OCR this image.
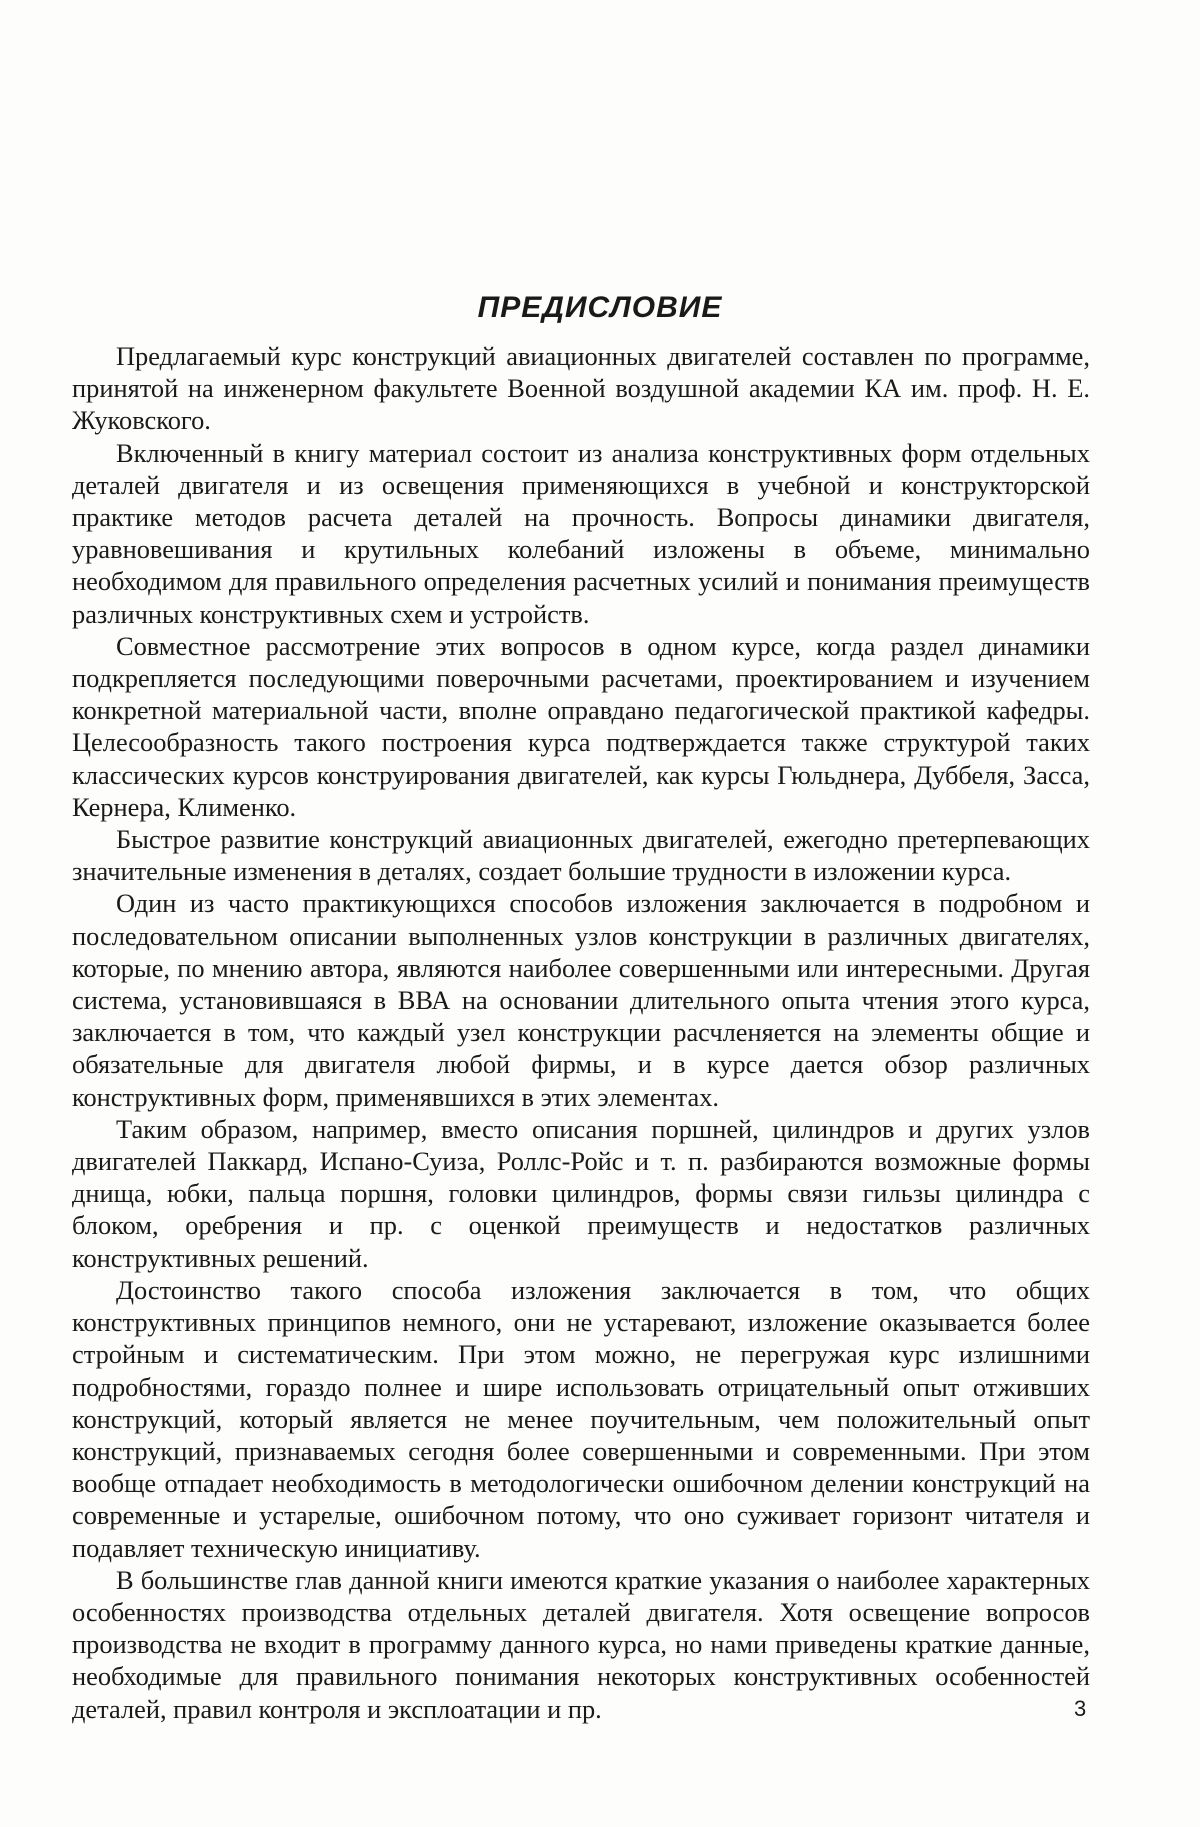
ПРЕДИСЛОВИЕ

Предлагаемый курс конструкций авиационных двигателей составлен по программе, принятой на инженерном факультете Военной воздушной академии КА им. проф. Н. Е. Жуковского.

Включенный в книгу материал состоит из анализа конструктивных форм отдельных деталей двигателя и из освещения применяющихся в учебной и конструкторской практике методов расчета деталей на прочность. Вопросы динамики двигателя, уравновешивания и крутильных колебаний изложены в объеме, минимально необходимом для правильного определения расчетных усилий и понимания преимуществ различных конструктивных схем и устройств.

Совместное рассмотрение этих вопросов в одном курсе, когда раздел динамики подкрепляется последующими поверочными расчетами, проектированием и изучением конкретной материальной части, вполне оправдано педагогической практикой кафедры. Целесообразность такого построения курса подтверждается также структурой таких классических курсов конструирования двигателей, как курсы Гюльднера, Дуббеля, Засса, Кернера, Клименко.

Быстрое развитие конструкций авиационных двигателей, ежегодно претерпевающих значительные изменения в деталях, создает большие трудности в изложении курса.

Один из часто практикующихся способов изложения заключается в подробном и последовательном описании выполненных узлов конструкции в различных двигателях, которые, по мнению автора, являются наиболее совершенными или интересными. Другая система, установившаяся в ВВА на основании длительного опыта чтения этого курса, заключается в том, что каждый узел конструкции расчленяется на элементы общие и обязательные для двигателя любой фирмы, и в курсе дается обзор различных конструктивных форм, применявшихся в этих элементах.

Таким образом, например, вместо описания поршней, цилиндров и других узлов двигателей Паккард, Испано-Суиза, Роллс-Ройс и т. п. разбираются возможные формы днища, юбки, пальца поршня, головки цилиндров, формы связи гильзы цилиндра с блоком, оребрения и пр. с оценкой преимуществ и недостатков различных конструктивных решений.

Достоинство такого способа изложения заключается в том, что общих конструктивных принципов немного, они не устаревают, изложение оказывается более стройным и систематическим. При этом можно, не перегружая курс излишними подробностями, гораздо полнее и шире использовать отрицательный опыт отживших конструкций, который является не менее поучительным, чем положительный опыт конструкций, признаваемых сегодня более совершенными и современными. При этом вообще отпадает необходимость в методологически ошибочном делении конструкций на современные и устарелые, ошибочном потому, что оно суживает горизонт читателя и подавляет техническую инициативу.

В большинстве глав данной книги имеются краткие указания о наиболее характерных особенностях производства отдельных деталей двигателя. Хотя освещение вопросов производства не входит в программу данного курса, но нами приведены краткие данные, необходимые для правильного понимания некоторых конструктивных особенностей деталей, правил контроля и эксплоатации и пр.	3
